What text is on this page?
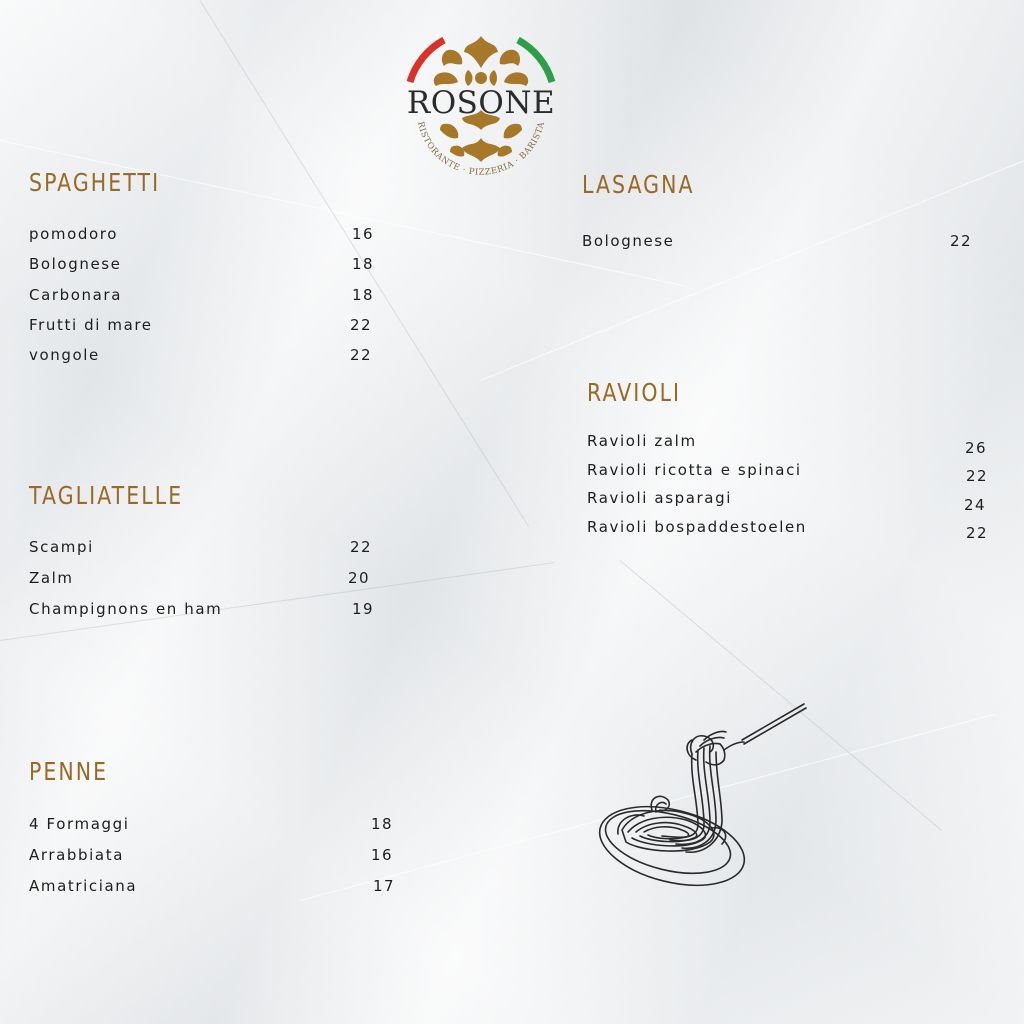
ROSONE
RISTORANTE · PIZZERIA · BARISTA
SPAGHETTI
pomodoro	16
Bolognese	18
Carbonara	18
Frutti di mare	22
vongole	22
TAGLIATELLE
Scampi	22
Zalm	20
Champignons en ham	19
PENNE
4 Formaggi	18
Arrabbiata	16
Amatriciana	17
LASAGNA
Bolognese	22
RAVIOLI
Ravioli zalm	26
Ravioli ricotta e spinaci	22
Ravioli asparagi	24
Ravioli bospaddestoelen	22
